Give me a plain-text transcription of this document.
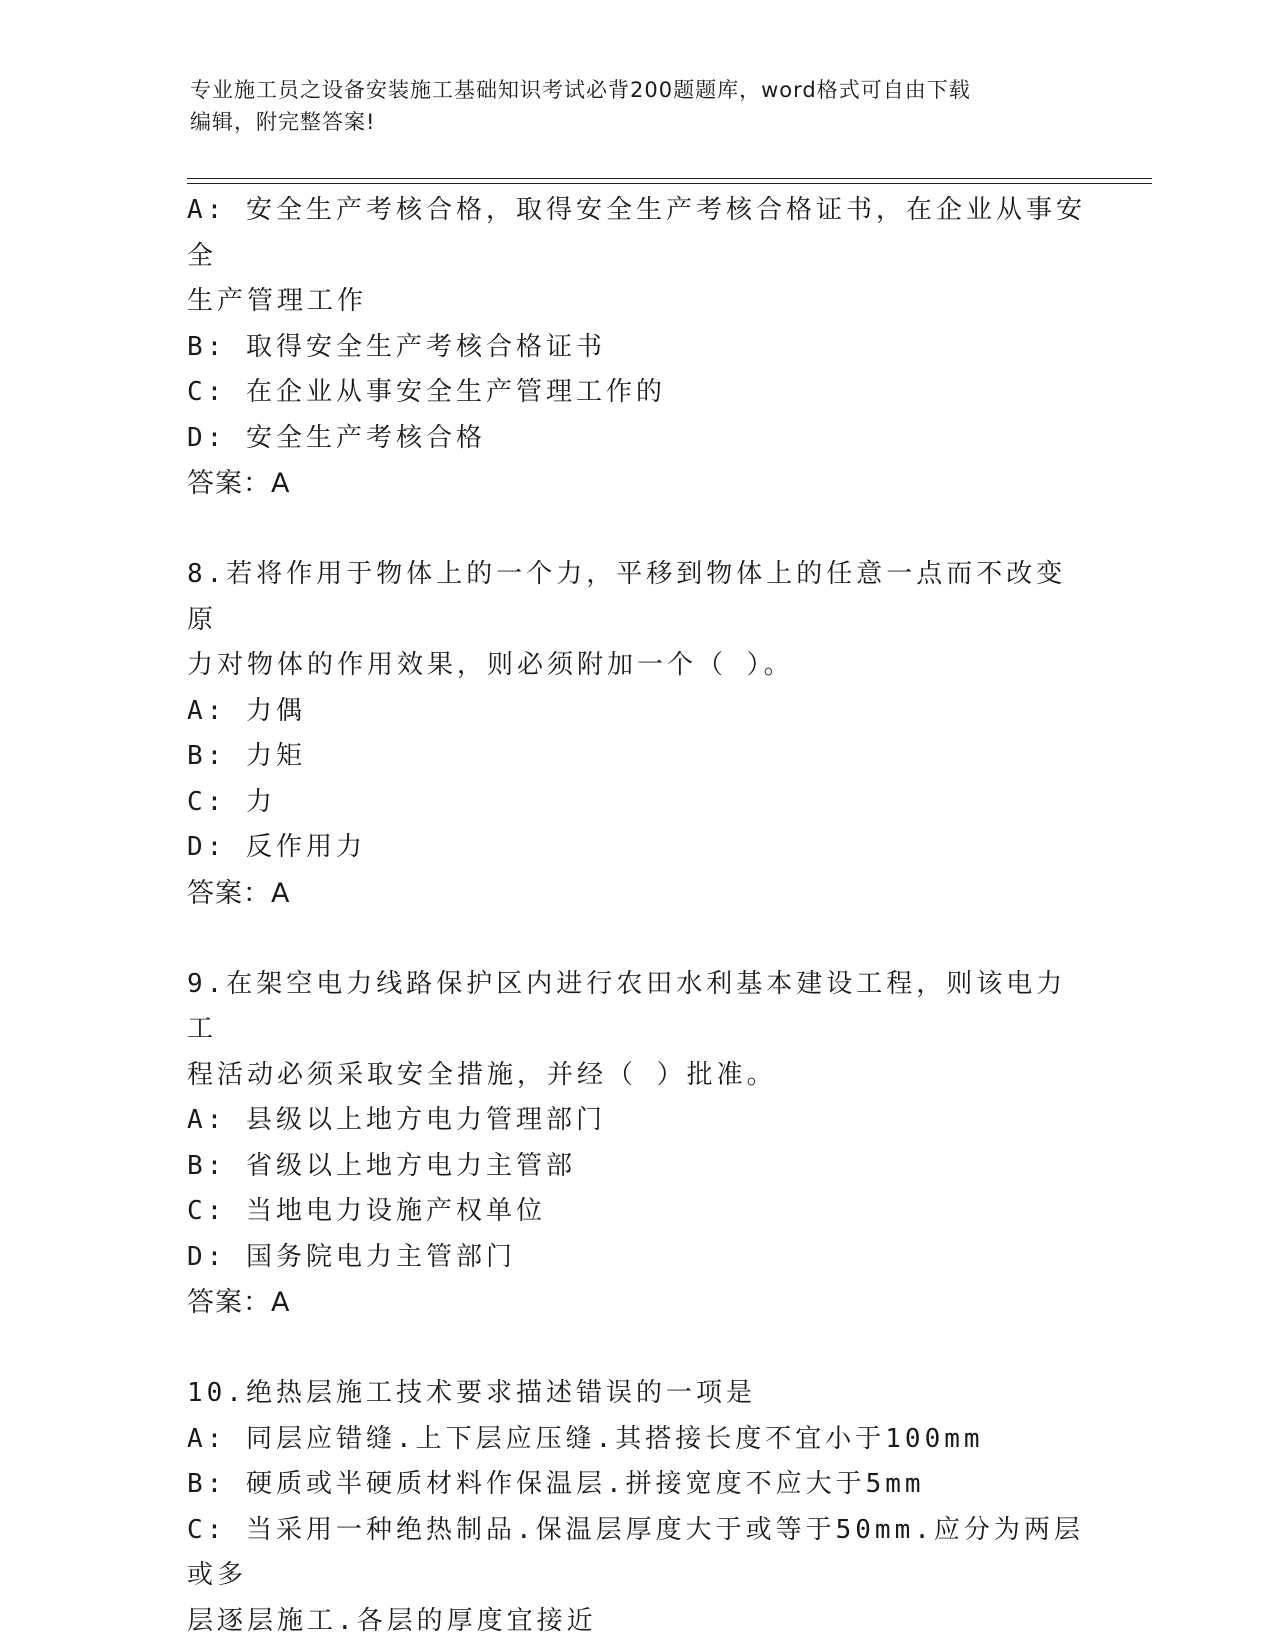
专业施工员之设备安装施工基础知识考试必背200题题库，word格式可自由下载
编辑，附完整答案!
A: 安全生产考核合格，取得安全生产考核合格证书，在企业从事安全
生产管理工作
B: 取得安全生产考核合格证书
C: 在企业从事安全生产管理工作的
D: 安全生产考核合格
答案：A
8.若将作用于物体上的一个力，平移到物体上的任意一点而不改变原
力对物体的作用效果，则必须附加一个（ ）。
A: 力偶
B: 力矩
C: 力
D: 反作用力
答案：A
9.在架空电力线路保护区内进行农田水利基本建设工程，则该电力工
程活动必须采取安全措施，并经（ ）批准。
A: 县级以上地方电力管理部门
B: 省级以上地方电力主管部
C: 当地电力设施产权单位
D: 国务院电力主管部门
答案：A
10.绝热层施工技术要求描述错误的一项是
A: 同层应错缝.上下层应压缝.其搭接长度不宜小于100mm
B: 硬质或半硬质材料作保温层.拼接宽度不应大于5mm
C: 当采用一种绝热制品.保温层厚度大于或等于50mm.应分为两层或多
层逐层施工.各层的厚度宜接近
